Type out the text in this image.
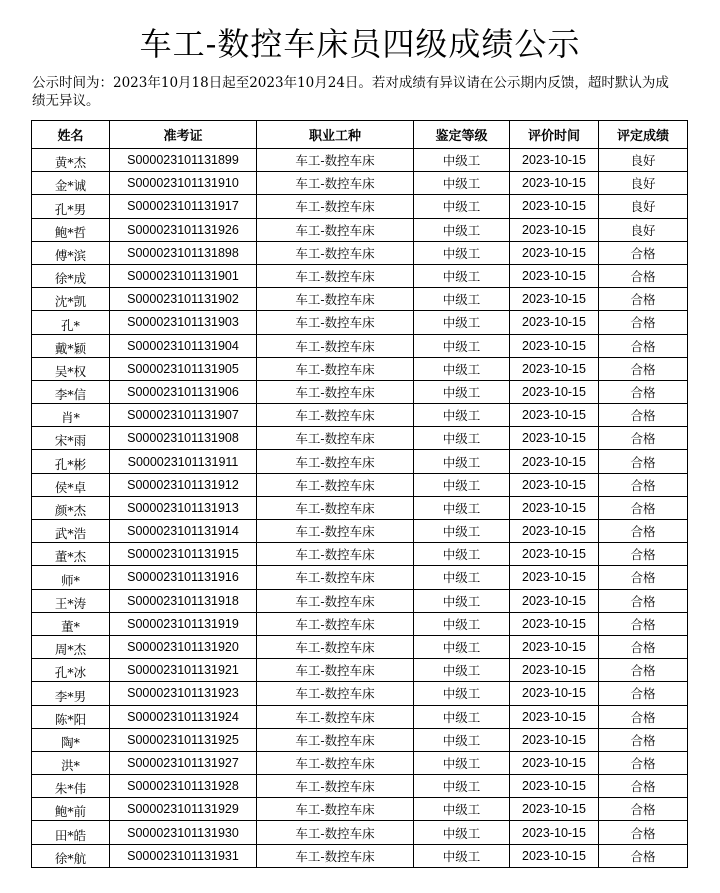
车工-数控车床员四级成绩公示
公示时间为：2023年10月18日起至2023年10月24日。若对成绩有异议请在公示期内反馈，超时默认为成绩无异议。
姓名	准考证	职业工种	鉴定等级	评价时间	评定成绩
黄*杰	S000023101131899	车工-数控车床	中级工	2023-10-15	良好
金*诚	S000023101131910	车工-数控车床	中级工	2023-10-15	良好
孔*男	S000023101131917	车工-数控车床	中级工	2023-10-15	良好
鲍*哲	S000023101131926	车工-数控车床	中级工	2023-10-15	良好
傅*滨	S000023101131898	车工-数控车床	中级工	2023-10-15	合格
徐*成	S000023101131901	车工-数控车床	中级工	2023-10-15	合格
沈*凯	S000023101131902	车工-数控车床	中级工	2023-10-15	合格
孔*	S000023101131903	车工-数控车床	中级工	2023-10-15	合格
戴*颖	S000023101131904	车工-数控车床	中级工	2023-10-15	合格
吴*权	S000023101131905	车工-数控车床	中级工	2023-10-15	合格
李*信	S000023101131906	车工-数控车床	中级工	2023-10-15	合格
肖*	S000023101131907	车工-数控车床	中级工	2023-10-15	合格
宋*雨	S000023101131908	车工-数控车床	中级工	2023-10-15	合格
孔*彬	S000023101131911	车工-数控车床	中级工	2023-10-15	合格
侯*卓	S000023101131912	车工-数控车床	中级工	2023-10-15	合格
颜*杰	S000023101131913	车工-数控车床	中级工	2023-10-15	合格
武*浩	S000023101131914	车工-数控车床	中级工	2023-10-15	合格
董*杰	S000023101131915	车工-数控车床	中级工	2023-10-15	合格
师*	S000023101131916	车工-数控车床	中级工	2023-10-15	合格
王*涛	S000023101131918	车工-数控车床	中级工	2023-10-15	合格
董*	S000023101131919	车工-数控车床	中级工	2023-10-15	合格
周*杰	S000023101131920	车工-数控车床	中级工	2023-10-15	合格
孔*冰	S000023101131921	车工-数控车床	中级工	2023-10-15	合格
李*男	S000023101131923	车工-数控车床	中级工	2023-10-15	合格
陈*阳	S000023101131924	车工-数控车床	中级工	2023-10-15	合格
陶*	S000023101131925	车工-数控车床	中级工	2023-10-15	合格
洪*	S000023101131927	车工-数控车床	中级工	2023-10-15	合格
朱*伟	S000023101131928	车工-数控车床	中级工	2023-10-15	合格
鲍*前	S000023101131929	车工-数控车床	中级工	2023-10-15	合格
田*皓	S000023101131930	车工-数控车床	中级工	2023-10-15	合格
徐*航	S000023101131931	车工-数控车床	中级工	2023-10-15	合格
